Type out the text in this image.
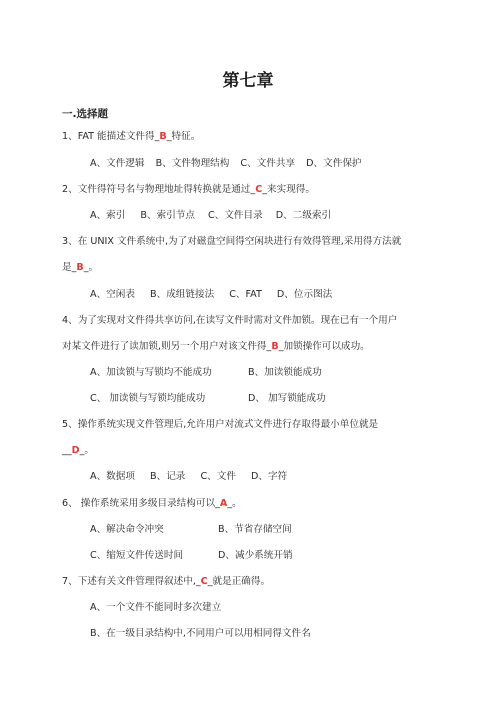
第七章
一.选择题
1、FAT 能描述文件得_B_特征。
A、文件逻辑 B、文件物理结构 C、文件共享 D、文件保护
2、文件得符号名与物理地址得转换就是通过_C_来实现得。
A、索引 B、索引节点 C、文件目录 D、二级索引
3、在 UNIX 文件系统中,为了对磁盘空间得空闲块进行有效得管理,采用得方法就
是_B_。
A、空闲表 B、成组链接法 C、FAT D、位示图法
4、为了实现对文件得共享访问,在读写文件时需对文件加锁。现在已有一个用户
对某文件进行了读加锁,则另一个用户对该文件得_B_加锁操作可以成功。
A、加读锁与写锁均不能成功	B、加读锁能成功
C、 加读锁与写锁均能成功	D、 加写锁能成功
5、操作系统实现文件管理后,允许用户对流式文件进行存取得最小单位就是
__D_。
A、数据项 B、记录 C、文件 D、字符
6、 操作系统采用多级目录结构可以_A_。
A、解决命令冲突	B、节省存储空间
C、缩短文件传送时间	D、减少系统开销
7、下述有关文件管理得叙述中,_C_就是正确得。
A、一个文件不能同时多次建立
B、在一级目录结构中,不同用户可以用相同得文件名
